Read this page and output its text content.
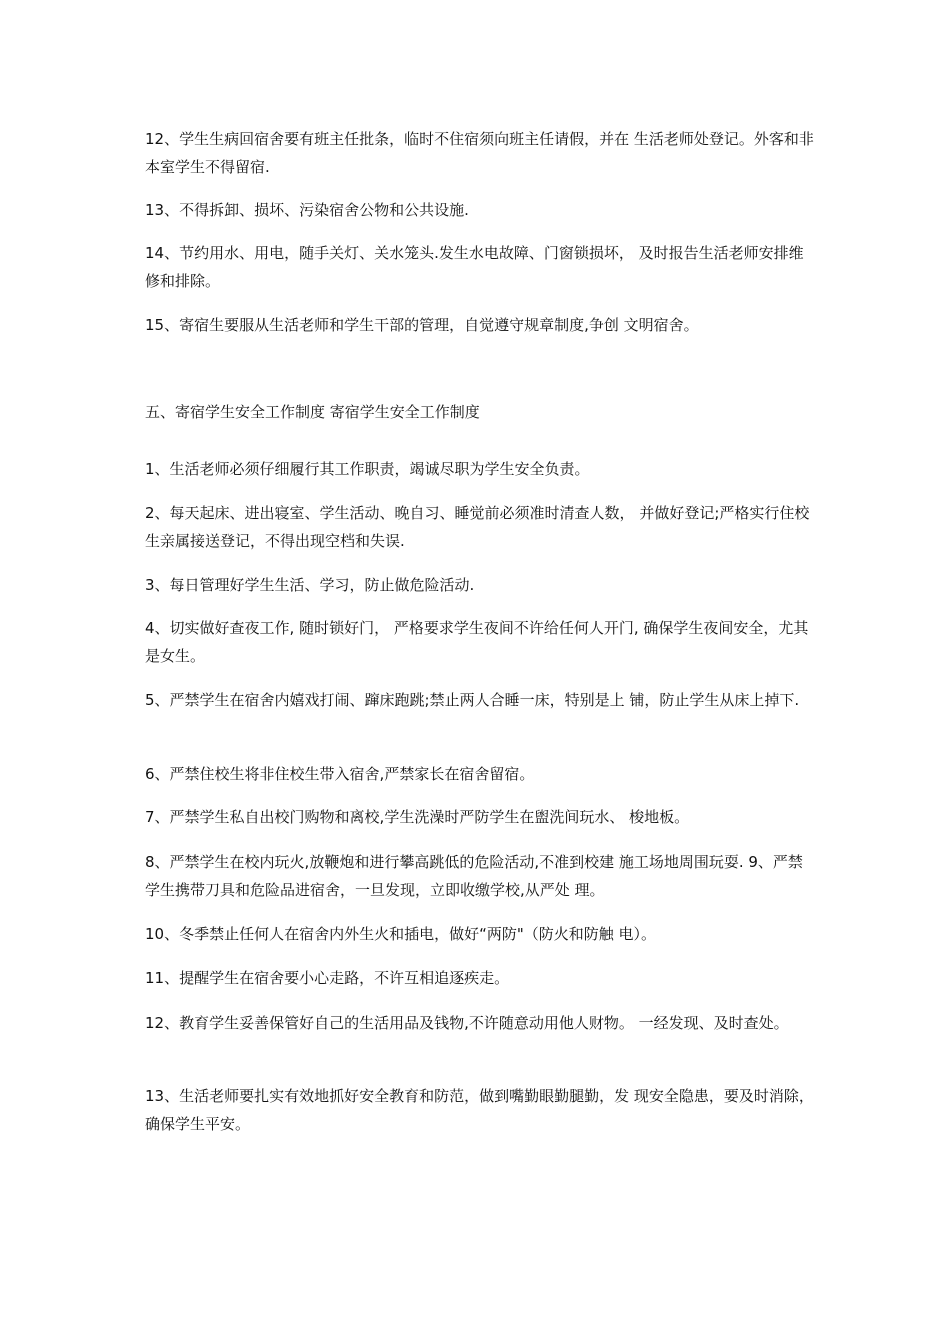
12、学生生病回宿舍要有班主任批条，临时不住宿须向班主任请假，并在 生活老师处登记。外客和非本室学生不得留宿.

13、不得拆卸、损坏、污染宿舍公物和公共设施.

14、节约用水、用电，随手关灯、关水笼头.发生水电故障、门窗锁损坏， 及时报告生活老师安排维修和排除。

15、寄宿生要服从生活老师和学生干部的管理，自觉遵守规章制度,争创 文明宿舍。

五、寄宿学生安全工作制度 寄宿学生安全工作制度

1、生活老师必须仔细履行其工作职责，竭诚尽职为学生安全负责。

2、每天起床、进出寝室、学生活动、晚自习、睡觉前必须准时清查人数， 并做好登记;严格实行住校生亲属接送登记，不得出现空档和失误.

3、每日管理好学生生活、学习，防止做危险活动.

4、切实做好查夜工作, 随时锁好门， 严格要求学生夜间不许给任何人开门, 确保学生夜间安全，尤其是女生。

5、严禁学生在宿舍内嬉戏打闹、蹿床跑跳;禁止两人合睡一床，特别是上 铺，防止学生从床上掉下.

6、严禁住校生将非住校生带入宿舍,严禁家长在宿舍留宿。

7、严禁学生私自出校门购物和离校,学生洗澡时严防学生在盥洗间玩水、 梭地板。

8、严禁学生在校内玩火,放鞭炮和进行攀高跳低的危险活动,不准到校建 施工场地周围玩耍. 9、严禁学生携带刀具和危险品进宿舍，一旦发现，立即收缴学校,从严处 理。

10、冬季禁止任何人在宿舍内外生火和插电，做好“两防"（防火和防触 电）。

11、提醒学生在宿舍要小心走路，不许互相追逐疾走。

12、教育学生妥善保管好自己的生活用品及钱物,不许随意动用他人财物。 一经发现、及时查处。

13、生活老师要扎实有效地抓好安全教育和防范，做到嘴勤眼勤腿勤，发 现安全隐患，要及时消除，确保学生平安。
